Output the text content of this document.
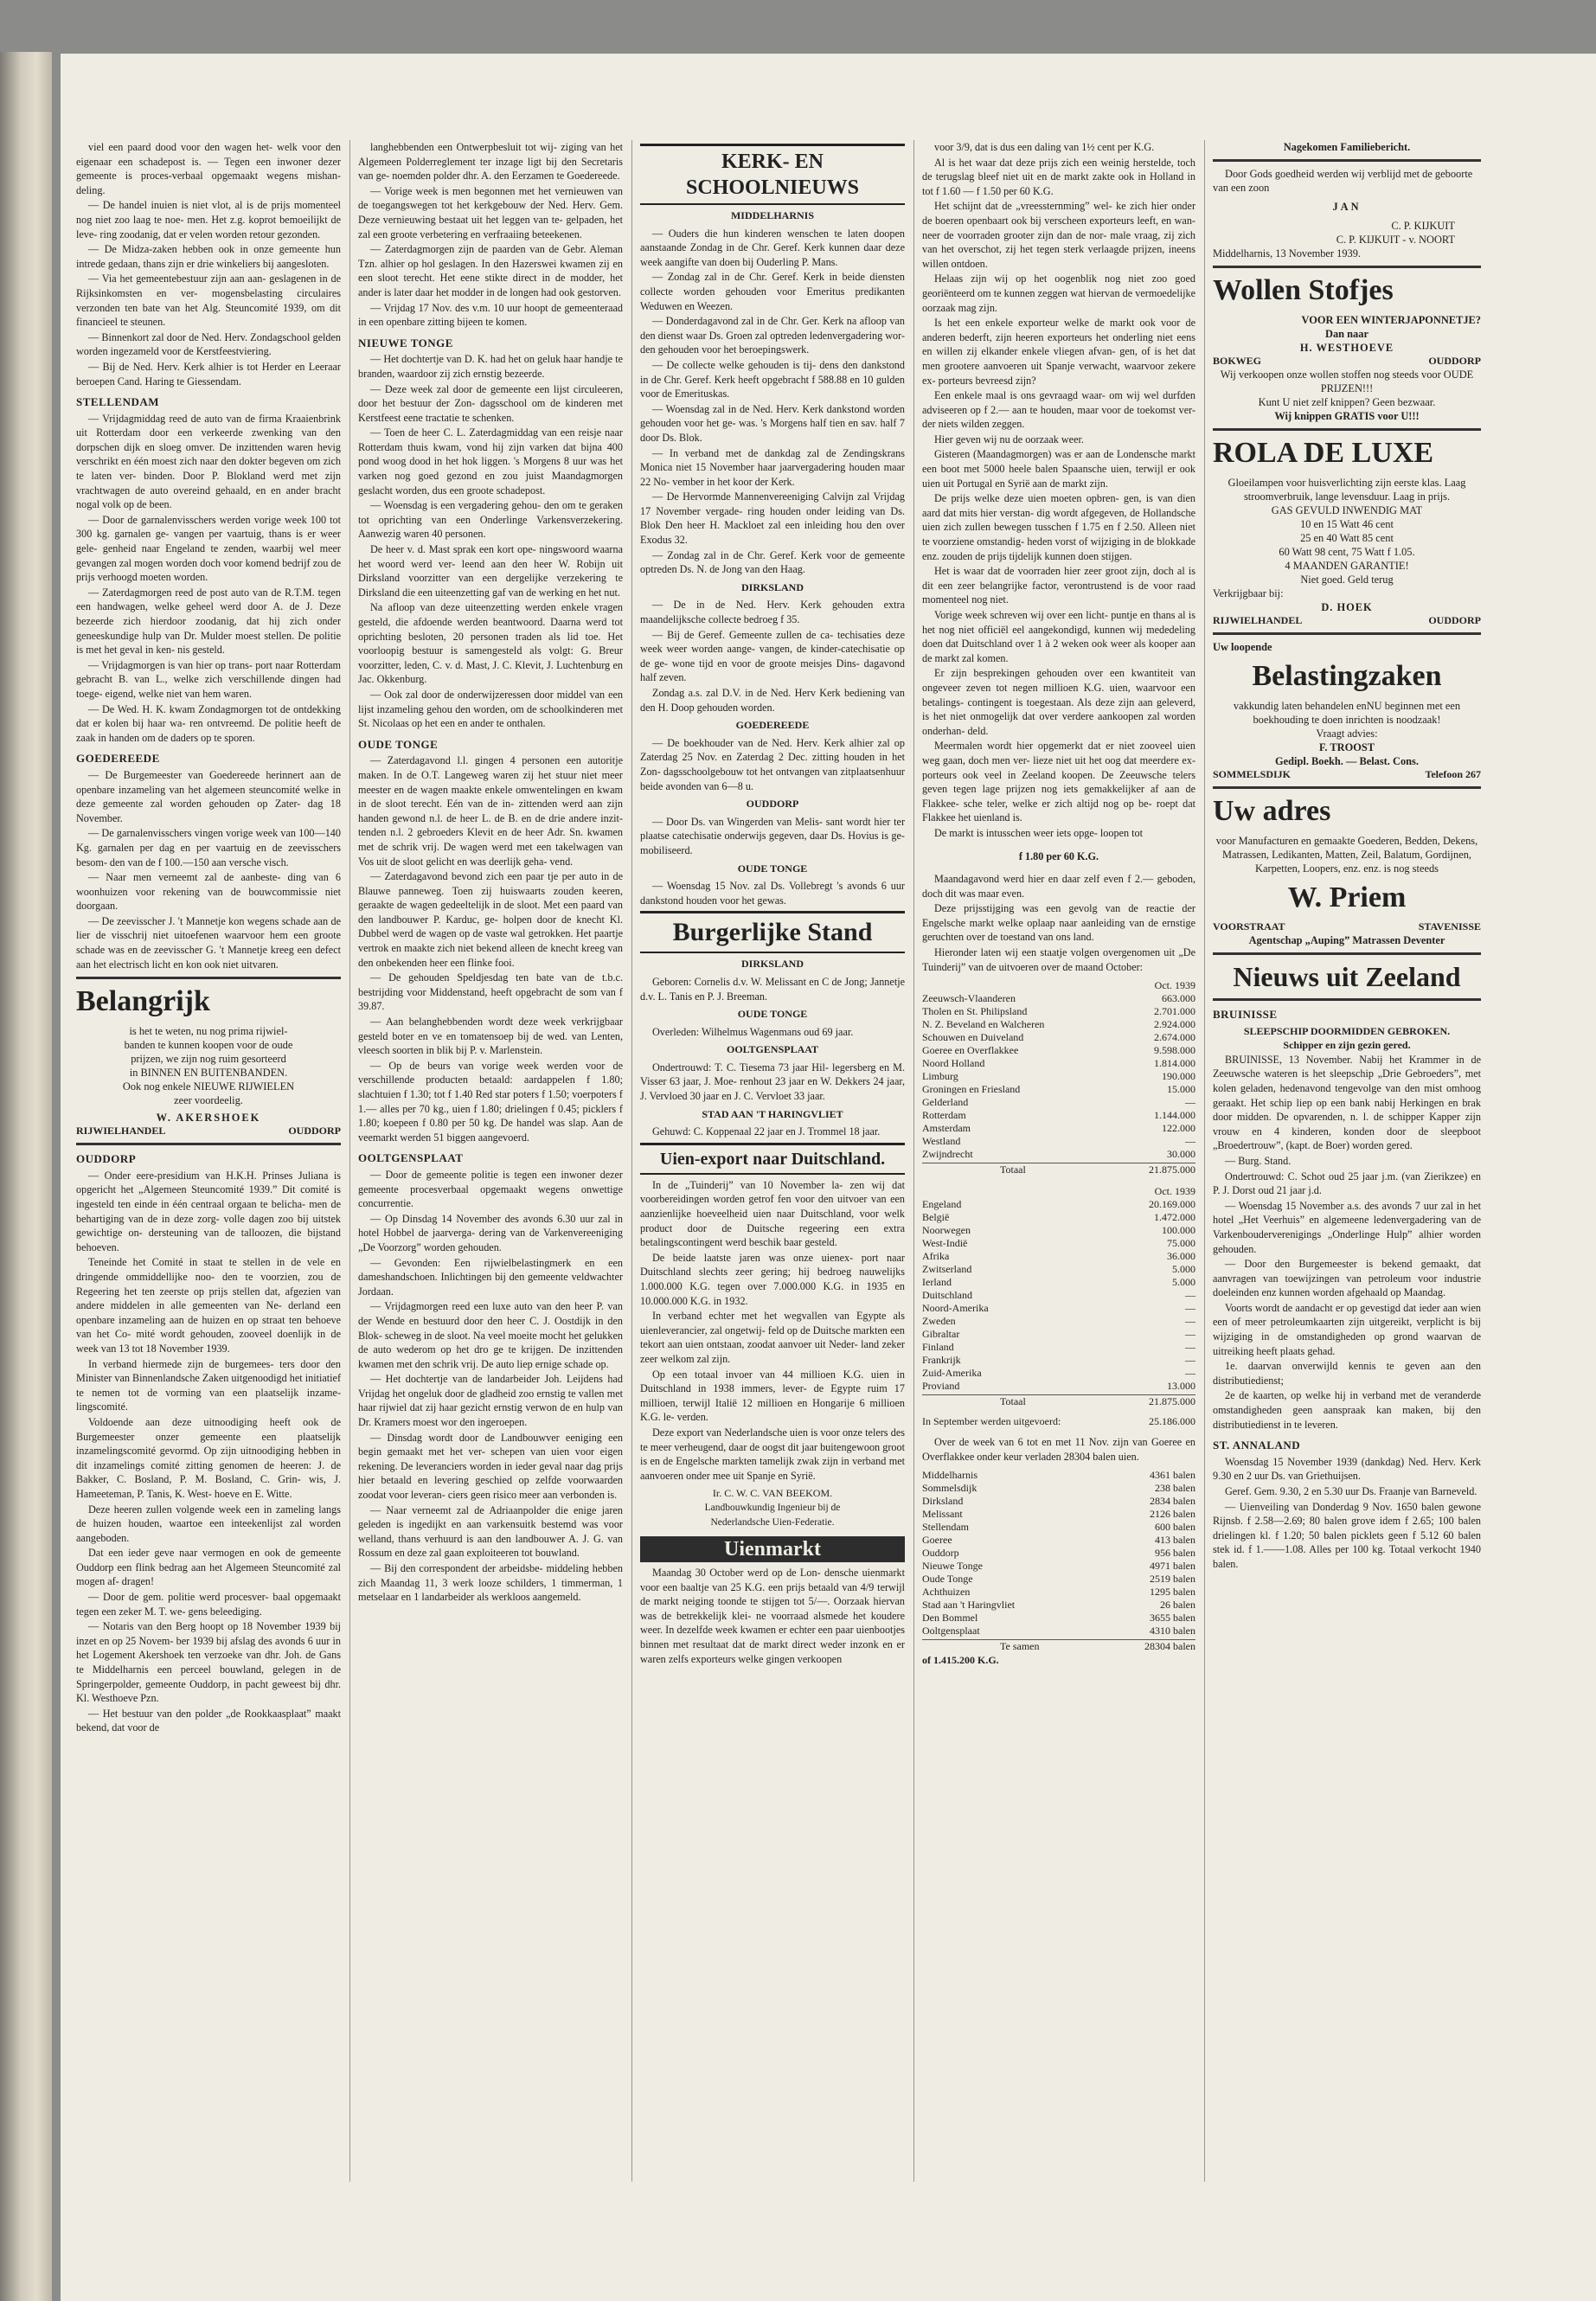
viel een paard dood voor den wagen het- welk voor den eigenaar een schadepost is. — Tegen een inwoner dezer gemeente is proces-verbaal opgemaakt wegens mishan- deling.

— De handel inuien is niet vlot, al is de prijs momenteel nog niet zoo laag te noe- men. Het z.g. koprot bemoeilijkt de leve- ring zoodanig, dat er velen worden retour gezonden.

— De Midza-zaken hebben ook in onze gemeente hun intrede gedaan, thans zijn er drie winkeliers bij aangesloten.

— Via het gemeentebestuur zijn aan aan- geslagenen in de Rijksinkomsten en ver- mogensbelasting circulaires verzonden ten bate van het Alg. Steuncomité 1939, om dit financieel te steunen.

— Binnenkort zal door de Ned. Herv. Zondagschool gelden worden ingezameld voor de Kerstfeestviering.

— Bij de Ned. Herv. Kerk alhier is tot Herder en Leeraar beroepen Cand. Haring te Giessendam.

STELLENDAM

— Vrijdagmiddag reed de auto van de firma Kraaienbrink uit Rotterdam door een verkeerde zwenking van den dorpschen dijk en sloeg omver. De inzittenden waren hevig verschrikt en één moest zich naar den dokter begeven om zich te laten ver- binden. Door P. Blokland werd met zijn vrachtwagen de auto overeind gehaald, en en ander bracht nogal volk op de been.

— Door de garnalenvisschers werden vorige week 100 tot 300 kg. garnalen ge- vangen per vaartuig, thans is er weer gele- genheid naar Engeland te zenden, waarbij wel meer gevangen zal mogen worden doch voor komend bedrijf zou de prijs verhoogd moeten worden.

— Zaterdagmorgen reed de post auto van de R.T.M. tegen een handwagen, welke geheel werd door A. de J. Deze bezeerde zich hierdoor zoodanig, dat hij zich onder geneeskundige hulp van Dr. Mulder moest stellen. De politie is met het geval in ken- nis gesteld.

— Vrijdagmorgen is van hier op trans- port naar Rotterdam gebracht B. van L., welke zich verschillende dingen had toege- eigend, welke niet van hem waren.

— De Wed. H. K. kwam Zondagmorgen tot de ontdekking dat er kolen bij haar wa- ren ontvreemd. De politie heeft de zaak in handen om de daders op te sporen.

GOEDEREEDE

— De Burgemeester van Goedereede herinnert aan de openbare inzameling van het algemeen steuncomité welke in deze gemeente zal worden gehouden op Zater- dag 18 November.

— De garnalenvisschers vingen vorige week van 100—140 Kg. garnalen per dag en per vaartuig en de zeevisschers besom- den van de f 100.—150 aan versche visch.

— Naar men verneemt zal de aanbeste- ding van 6 woonhuizen voor rekening van de bouwcommissie niet doorgaan.

— De zeevisscher J. 't Mannetje kon wegens schade aan de lier de visschrij niet uitoefenen waarvoor hem een groote schade was en de zeevisscher G. 't Mannetje kreeg een defect aan het electrisch licht en kon ook niet uitvaren.

Belangrijk
is het te weten, nu nog prima rijwiel-
banden te kunnen koopen voor de oude
prijzen, we zijn nog ruim gesorteerd
in BINNEN EN BUITENBANDEN.
Ook nog enkele NIEUWE RIJWIELEN
zeer voordeelig.
W. AKERSHOEK
RIJWIELHANDEL	OUDDORP
OUDDORP

— Onder eere-presidium van H.K.H. Prinses Juliana is opgericht het „Algemeen Steuncomité 1939.” Dit comité is ingesteld ten einde in één centraal orgaan te belicha- men de behartiging van de in deze zorg- volle dagen zoo bij uitstek gewichtige on- dersteuning van de talloozen, die bijstand behoeven.

Teneinde het Comité in staat te stellen in de vele en dringende ommiddellijke noo- den te voorzien, zou de Regeering het ten zeerste op prijs stellen dat, afgezien van andere middelen in alle gemeenten van Ne- derland een openbare inzameling aan de huizen en op straat ten behoeve van het Co- mité wordt gehouden, zooveel doenlijk in de week van 13 tot 18 November 1939.

In verband hiermede zijn de burgemees- ters door den Minister van Binnenlandsche Zaken uitgenoodigd het initiatief te nemen tot de vorming van een plaatselijk inzame- lingscomité.

Voldoende aan deze uitnoodiging heeft ook de Burgemeester onzer gemeente een plaatselijk inzamelingscomité gevormd. Op zijn uitnoodiging hebben in dit inzamelings comité zitting genomen de heeren: J. de Bakker, C. Bosland, P. M. Bosland, C. Grin- wis, J. Hameeteman, P. Tanis, K. West- hoeve en E. Witte.

Deze heeren zullen volgende week een in zameling langs de huizen houden, waartoe een inteekenlijst zal worden aangeboden.

Dat een ieder geve naar vermogen en ook de gemeente Ouddorp een flink bedrag aan het Algemeen Steuncomité zal mogen af- dragen!

— Door de gem. politie werd procesver- baal opgemaakt tegen een zeker M. T. we- gens beleediging.

— Notaris van den Berg hoopt op 18 November 1939 bij inzet en op 25 Novem- ber 1939 bij afslag des avonds 6 uur in het Logement Akershoek ten verzoeke van dhr. Joh. de Gans te Middelharnis een perceel bouwland, gelegen in de Springerpolder, gemeente Ouddorp, in pacht geweest bij dhr. Kl. Westhoeve Pzn.

— Het bestuur van den polder „de Rookkaasplaat” maakt bekend, dat voor de

langhebbenden een Ontwerpbesluit tot wij- ziging van het Algemeen Polderreglement ter inzage ligt bij den Secretaris van ge- noemden polder dhr. A. den Eerzamen te Goedereede.

— Vorige week is men begonnen met het vernieuwen van de toegangswegen tot het kerkgebouw der Ned. Herv. Gem. Deze vernieuwing bestaat uit het leggen van te- gelpaden, het zal een groote verbetering en verfraaiing beteekenen.

— Zaterdagmorgen zijn de paarden van de Gebr. Aleman Tzn. alhier op hol geslagen. In den Hazerswei kwamen zij en een sloot terecht. Het eene stikte direct in de modder, het ander is later daar het modder in de longen had ook gestorven.

— Vrijdag 17 Nov. des v.m. 10 uur hoopt de gemeenteraad in een openbare zitting bijeen te komen.

NIEUWE TONGE

— Het dochtertje van D. K. had het on geluk haar handje te branden, waardoor zij zich ernstig bezeerde.

— Deze week zal door de gemeente een lijst circuleeren, door het bestuur der Zon- dagsschool om de kinderen met Kerstfeest eene tractatie te schenken.

— Toen de heer C. L. Zaterdagmiddag van een reisje naar Rotterdam thuis kwam, vond hij zijn varken dat bijna 400 pond woog dood in het hok liggen. 's Morgens 8 uur was het varken nog goed gezond en zou juist Maandagmorgen geslacht worden, dus een groote schadepost.

— Woensdag is een vergadering gehou- den om te geraken tot oprichting van een Onderlinge Varkensverzekering. Aanwezig waren 40 personen.

De heer v. d. Mast sprak een kort ope- ningswoord waarna het woord werd ver- leend aan den heer W. Robijn uit Dirksland voorzitter van een dergelijke verzekering te Dirksland die een uiteenzetting gaf van de werking en het nut.

Na afloop van deze uiteenzetting werden enkele vragen gesteld, die afdoende werden beantwoord. Daarna werd tot oprichting besloten, 20 personen traden als lid toe. Het voorloopig bestuur is samengesteld als volgt: G. Breur voorzitter, leden, C. v. d. Mast, J. C. Klevit, J. Luchtenburg en Jac. Okkenburg.

— Ook zal door de onderwijzeressen door middel van een lijst inzameling gehou den worden, om de schoolkinderen met St. Nicolaas op het een en ander te onthalen.

OUDE TONGE

— Zaterdagavond l.l. gingen 4 personen een autoritje maken. In de O.T. Langeweg waren zij het stuur niet meer meester en de wagen maakte enkele omwentelingen en kwam in de sloot terecht. Eén van de in- zittenden werd aan zijn handen gewond n.l. de heer L. de B. en de drie andere inzit- tenden n.l. 2 gebroeders Klevit en de heer Adr. Sn. kwamen met de schrik vrij. De wagen werd met een takelwagen van Vos uit de sloot gelicht en was deerlijk geha- vend.

— Zaterdagavond bevond zich een paar tje per auto in de Blauwe panneweg. Toen zij huiswaarts zouden keeren, geraakte de wagen gedeeltelijk in de sloot. Met een paard van den landbouwer P. Karduc, ge- holpen door de knecht Kl. Dubbel werd de wagen op de vaste wal getrokken. Het paartje vertrok en maakte zich niet bekend alleen de knecht kreeg van den onbekenden heer een flinke fooi.

— De gehouden Speldjesdag ten bate van de t.b.c. bestrijding voor Middenstand, heeft opgebracht de som van f 39.87.

— Aan belanghebbenden wordt deze week verkrijgbaar gesteld boter en ve en tomatensoep bij de wed. van Lenten, vleesch soorten in blik bij P. v. Marlenstein.

— Op de beurs van vorige week werden voor de verschillende producten betaald: aardappelen f 1.80; slachtuien f 1.30; tot f 1.40 Red star poters f 1.50; voerpoters f 1.— alles per 70 kg., uien f 1.80; drielingen f 0.45; picklers f 1.80; koepeen f 0.80 per 50 kg. De handel was slap. Aan de veemarkt werden 51 biggen aangevoerd.

OOLTGENSPLAAT

— Door de gemeente politie is tegen een inwoner dezer gemeente procesverbaal opgemaakt wegens onwettige concurrentie.

— Op Dinsdag 14 November des avonds 6.30 uur zal in hotel Hobbel de jaarverga- dering van de Varkenvereeniging „De Voorzorg” worden gehouden.

— Gevonden: Een rijwielbelastingmerk en een dameshandschoen. Inlichtingen bij den gemeente veldwachter Jordaan.

— Vrijdagmorgen reed een luxe auto van den heer P. van der Wende en bestuurd door den heer C. J. Oostdijk in den Blok- scheweg in de sloot. Na veel moeite mocht het gelukken de auto wederom op het dro ge te krijgen. De inzittenden kwamen met den schrik vrij. De auto liep ernige schade op.

— Het dochtertje van de landarbeider Joh. Leijdens had Vrijdag het ongeluk door de gladheid zoo ernstig te vallen met haar rijwiel dat zij haar gezicht ernstig verwon de en hulp van Dr. Kramers moest wor den ingeroepen.

— Dinsdag wordt door de Landbouwver eeniging een begin gemaakt met het ver- schepen van uien voor eigen rekening. De leveranciers worden in ieder geval naar dag prijs hier betaald en levering geschied op zelfde voorwaarden zoodat voor leveran- ciers geen risico meer aan verbonden is.

— Naar verneemt zal de Adriaanpolder die enige jaren geleden is ingedijkt en aan varkensuitk bestemd was voor welland, thans verhuurd is aan den landbouwer A. J. G. van Rossum en deze zal gaan exploiteeren tot bouwland.

— Bij den correspondent der arbeidsbe- middeling hebben zich Maandag 11, 3 werk looze schilders, 1 timmerman, 1 metselaar en 1 landarbeider als werkloos aangemeld.

KERK- EN SCHOOLNIEUWS
MIDDELHARNIS

— Ouders die hun kinderen wenschen te laten doopen aanstaande Zondag in de Chr. Geref. Kerk kunnen daar deze week aangifte van doen bij Ouderling P. Mans.

— Zondag zal in de Chr. Geref. Kerk in beide diensten collecte worden gehouden voor Emeritus predikanten Weduwen en Weezen.

— Donderdagavond zal in de Chr. Ger. Kerk na afloop van den dienst waar Ds. Groen zal optreden ledenvergadering wor- den gehouden voor het beroepingswerk.

— De collecte welke gehouden is tij- dens den dankstond in de Chr. Geref. Kerk heeft opgebracht f 588.88 en 10 gulden voor de Emerituskas.

— Woensdag zal in de Ned. Herv. Kerk dankstond worden gehouden voor het ge- was. 's Morgens half tien en sav. half 7 door Ds. Blok.

— In verband met de dankdag zal de Zendingskrans Monica niet 15 November haar jaarvergadering houden maar 22 No- vember in het koor der Kerk.

— De Hervormde Mannenvereeniging Calvijn zal Vrijdag 17 November vergade- ring houden onder leiding van Ds. Blok Den heer H. Mackloet zal een inleiding hou den over Exodus 32.

— Zondag zal in de Chr. Geref. Kerk voor de gemeente optreden Ds. N. de Jong van den Haag.

DIRKSLAND

— De in de Ned. Herv. Kerk gehouden extra maandelijksche collecte bedroeg f 35.

— Bij de Geref. Gemeente zullen de ca- techisaties deze week weer worden aange- vangen, de kinder-catechisatie op de ge- wone tijd en voor de groote meisjes Dins- dagavond half zeven.

Zondag a.s. zal D.V. in de Ned. Herv Kerk bediening van den H. Doop gehouden worden.

GOEDEREEDE

— De boekhouder van de Ned. Herv. Kerk alhier zal op Zaterdag 25 Nov. en Zaterdag 2 Dec. zitting houden in het Zon- dagsschoolgebouw tot het ontvangen van zitplaatsenhuur beide avonden van 6—8 u.

OUDDORP

— Door Ds. van Wingerden van Melis- sant wordt hier ter plaatse catechisatie onderwijs gegeven, daar Ds. Hovius is ge- mobiliseerd.

OUDE TONGE

— Woensdag 15 Nov. zal Ds. Vollebregt 's avonds 6 uur dankstond houden voor het gewas.

Burgerlijke Stand
DIRKSLAND

Geboren: Cornelis d.v. W. Melissant en C de Jong; Jannetje d.v. L. Tanis en P. J. Breeman.

OUDE TONGE

Overleden: Wilhelmus Wagenmans oud 69 jaar.

OOLTGENSPLAAT

Ondertrouwd: T. C. Tiesema 73 jaar Hil- legersberg en M. Visser 63 jaar, J. Moe- renhout 23 jaar en W. Dekkers 24 jaar, J. Vervloed 30 jaar en J. C. Vervloet 33 jaar.

STAD AAN 'T HARINGVLIET

Gehuwd: C. Koppenaal 22 jaar en J. Trommel 18 jaar.

Uien-export naar Duitschland.

In de „Tuinderij” van 10 November la- zen wij dat voorbereidingen worden getrof fen voor den uitvoer van een aanzienlijke hoeveelheid uien naar Duitschland, voor welk product door de Duitsche regeering een extra betalingscontingent werd beschik baar gesteld.

De beide laatste jaren was onze uienex- port naar Duitschland slechts zeer gering; hij bedroeg nauwelijks 1.000.000 K.G. tegen over 7.000.000 K.G. in 1935 en 10.000.000 K.G. in 1932.

In verband echter met het wegvallen van Egypte als uienleverancier, zal ongetwij- feld op de Duitsche markten een tekort aan uien ontstaan, zoodat aanvoer uit Neder- land zeker zeer welkom zal zijn.

Op een totaal invoer van 44 millioen K.G. uien in Duitschland in 1938 immers, lever- de Egypte ruim 17 millioen, terwijl Italië 12 millioen en Hongarije 6 millioen K.G. le- verden.

Deze export van Nederlandsche uien is voor onze telers des te meer verheugend, daar de oogst dit jaar buitengewoon groot is en de Engelsche markten tamelijk zwak zijn in verband met aanvoeren onder mee uit Spanje en Syrië.

Ir. C. W. C. VAN BEEKOM.
Landbouwkundig Ingenieur bij de
Nederlandsche Uien-Federatie.
Uienmarkt

Maandag 30 October werd op de Lon- densche uienmarkt voor een baaltje van 25 K.G. een prijs betaald van 4/9 terwijl de markt neiging toonde te stijgen tot 5/—. Oorzaak hiervan was de betrekkelijk klei- ne voorraad alsmede het koudere weer. In dezelfde week kwamen er echter een paar uienbootjes binnen met resultaat dat de markt direct weder inzonk en er waren zelfs exporteurs welke gingen verkoopen

voor 3/9, dat is dus een daling van 1½ cent per K.G.

Al is het waar dat deze prijs zich een weinig herstelde, toch de terugslag bleef niet uit en de markt zakte ook in Holland in tot f 1.60 — f 1.50 per 60 K.G.

Het schijnt dat de „vreessternming” wel- ke zich hier onder de boeren openbaart ook bij verscheen exporteurs leeft, en wan- neer de voorraden grooter zijn dan de nor- male vraag, zij zich van het overschot, zij het tegen sterk verlaagde prijzen, ineens willen ontdoen.

Helaas zijn wij op het oogenblik nog niet zoo goed georiënteerd om te kunnen zeggen wat hiervan de vermoedelijke oorzaak mag zijn.

Is het een enkele exporteur welke de markt ook voor de anderen bederft, zijn heeren exporteurs het onderling niet eens en willen zij elkander enkele vliegen afvan- gen, of is het dat men grootere aanvoeren uit Spanje verwacht, waarvoor zekere ex- porteurs bevreesd zijn?

Een enkele maal is ons gevraagd waar- om wij wel durfden adviseeren op f 2.— aan te houden, maar voor de toekomst ver- der niets wilden zeggen.

Hier geven wij nu de oorzaak weer.

Gisteren (Maandagmorgen) was er aan de Londensche markt een boot met 5000 heele balen Spaansche uien, terwijl er ook uien uit Portugal en Syrië aan de markt zijn.

De prijs welke deze uien moeten opbren- gen, is van dien aard dat mits hier verstan- dig wordt afgegeven, de Hollandsche uien zich zullen bewegen tusschen f 1.75 en f 2.50. Alleen niet te voorziene omstandig- heden vorst of wijziging in de blokkade enz. zouden de prijs tijdelijk kunnen doen stijgen.

Het is waar dat de voorraden hier zeer groot zijn, doch al is dit een zeer belangrijke factor, verontrustend is de voor raad momenteel nog niet.

Vorige week schreven wij over een licht- puntje en thans al is het nog niet officiël eel aangekondigd, kunnen wij mededeling doen dat Duitschland over 1 à 2 weken ook weer als kooper aan de markt zal komen.

Er zijn besprekingen gehouden over een kwantiteit van ongeveer zeven tot negen millioen K.G. uien, waarvoor een betalings- contingent is toegestaan. Als deze zijn aan geleverd, is het niet onmogelijk dat over verdere aankoopen zal worden onderhan- deld.

Meermalen wordt hier opgemerkt dat er niet zooveel uien weg gaan, doch men ver- liezе niet uit het oog dat meerdere ex- porteurs ook veel in Zeeland koopen. De Zeeuwsche telers geven tegen lage prijzen nog iets gemakkelijker af aan de Flakkee- sche teler, welke er zich altijd nog op be- roept dat Flakkee het uienland is.

De markt is intusschen weer iets opge- loopen tot

f 1.80 per 60 K.G.

Maandagavond werd hier en daar zelf even f 2.— geboden, doch dit was maar even.

Deze prijsstijging was een gevolg van de reactie der Engelsche markt welke oplaap naar aanleiding van de ernstige geruchten over de toestand van ons land.

Hieronder laten wij een staatje volgen overgenomen uit „De Tuinderij” van de uitvoeren over de maand October:

Oct. 1939
Zeeuwsch-Vlaanderen	663.000
Tholen en St. Philipsland	2.701.000
N. Z. Beveland en Walcheren	2.924.000
Schouwen en Duiveland	2.674.000
Goeree en Overflakkee	9.598.000
Noord Holland	1.814.000
Limburg	190.000
Groningen en Friesland	15.000
Gelderland	—
Rotterdam	1.144.000
Amsterdam	122.000
Westland	—
Zwijndrecht	30.000
Totaal	21.875.000
Oct. 1939
Engeland	20.169.000
België	1.472.000
Noorwegen	100.000
West-Indië	75.000
Afrika	36.000
Zwitserland	5.000
Ierland	5.000
Duitschland	—
Noord-Amerika	—
Zweden	—
Gibraltar	—
Finland	—
Frankrijk	—
Zuid-Amerika	—
Proviand	13.000
Totaal	21.875.000
In September werden uitgevoerd:	25.186.000

Over de week van 6 tot en met 11 Nov. zijn van Goeree en Overflakkee onder keur verladen 28304 balen uien.

Middelharnis	4361 balen
Sommelsdijk	238 balen
Dirksland	2834 balen
Melissant	2126 balen
Stellendam	600 balen
Goeree	413 balen
Ouddorp	956 balen
Nieuwe Tonge	4971 balen
Oude Tonge	2519 balen
Achthuizen	1295 balen
Stad aan 't Haringvliet	26 balen
Den Bommel	3655 balen
Ooltgensplaat	4310 balen
Te samen	28304 balen
of 1.415.200 K.G.
Nagekomen Familiebericht.

Door Gods goedheid werden wij verblijd met de geboorte van een zoon

JAN
C. P. KIJKUIT
C. P. KIJKUIT - v. NOORT
Middelharnis, 13 November 1939.
Wollen Stofjes
VOOR EEN WINTERJAPONNETJE?
Dan naar
H. WESTHOEVE
BOKWEG	OUDDORP
Wij verkoopen onze wollen stoffen nog steeds voor OUDE PRIJZEN!!!
Kunt U niet zelf knippen? Geen bezwaar.
Wij knippen GRATIS voor U!!!
ROLA DE LUXE
Gloeilampen voor huisverlichting zijn eerste klas. Laag stroomverbruik, lange levensduur. Laag in prijs.
GAS GEVULD INWENDIG MAT
10 en 15 Watt 46 cent
25 en 40 Watt 85 cent
60 Watt 98 cent, 75 Watt f 1.05.
4 MAANDEN GARANTIE!
Niet goed. Geld terug
Verkrijgbaar bij:
D. HOEK
RIJWIELHANDEL	OUDDORP
Uw loopende
Belastingzaken
vakkundig laten behandelen enNU beginnen met een boekhouding te doen inrichten is noodzaak!
Vraagt advies:
F. TROOST
Gedipl. Boekh. — Belast. Cons.
SOMMELSDIJK	Telefoon 267
Uw adres
voor Manufacturen en gemaakte Goederen, Bedden, Dekens, Matrassen, Ledikanten, Matten, Zeil, Balatum, Gordijnen, Karpetten, Loopers, enz. enz. is nog steeds
W. Priem
VOORSTRAAT	STAVENISSE
Agentschap „Auping” Matrassen Deventer
Nieuws uit Zeeland
BRUINISSE
SLEEPSCHIP DOORMIDDEN GEBROKEN.
Schipper en zijn gezin gered.

BRUINISSE, 13 November. Nabij het Krammer in de Zeeuwsche wateren is het sleepschip „Drie Gebroeders”, met kolen geladen, hedenavond tengevolge van den mist omhoog geraakt. Het schip liep op een bank nabij Herkingen en brak door midden. De opvarenden, n. l. de schipper Kapper zijn vrouw en 4 kinderen, konden door de sleepboot „Broedertrouw”, (kapt. de Boer) worden gered.

— Burg. Stand.

Ondertrouwd: C. Schot oud 25 jaar j.m. (van Zierikzee) en P. J. Dorst oud 21 jaar j.d.

— Woensdag 15 November a.s. des avonds 7 uur zal in het hotel „Het Veerhuis” en algemeene ledenvergadering van de Varkenbouderverenigings „Onderlinge Hulp” alhier worden gehouden.

— Door den Burgemeester is bekend gemaakt, dat aanvragen van toewijzingen van petroleum voor industrie doeleinden enz kunnen worden afgehaald op Maandag.

Voorts wordt de aandacht er op gevestigd dat ieder aan wien een of meer petroleumkaarten zijn uitgereikt, verplicht is bij wijziging in de omstandigheden op grond waarvan de uitreiking heeft plaats gehad.

1e. daarvan onverwijld kennis te geven aan den distributiedienst;

2e de kaarten, op welke hij in verband met de veranderde omstandigheden geen aanspraak kan maken, bij den distributiedienst in te leveren.

ST. ANNALAND

Woensdag 15 November 1939 (dankdag) Ned. Herv. Kerk 9.30 en 2 uur Ds. van Griethuijsen.

Geref. Gem. 9.30, 2 en 5.30 uur Ds. Fraanje van Barneveld.

— Uienveiling van Donderdag 9 Nov. 1650 balen gewone Rijnsb. f 2.58—2.69; 80 balen grove idem f 2.65; 100 balen drielingen kl. f 1.20; 50 balen picklets geen f 5.12 60 balen stek id. f 1.——1.08. Alles per 100 kg. Totaal verkocht 1940 balen.
